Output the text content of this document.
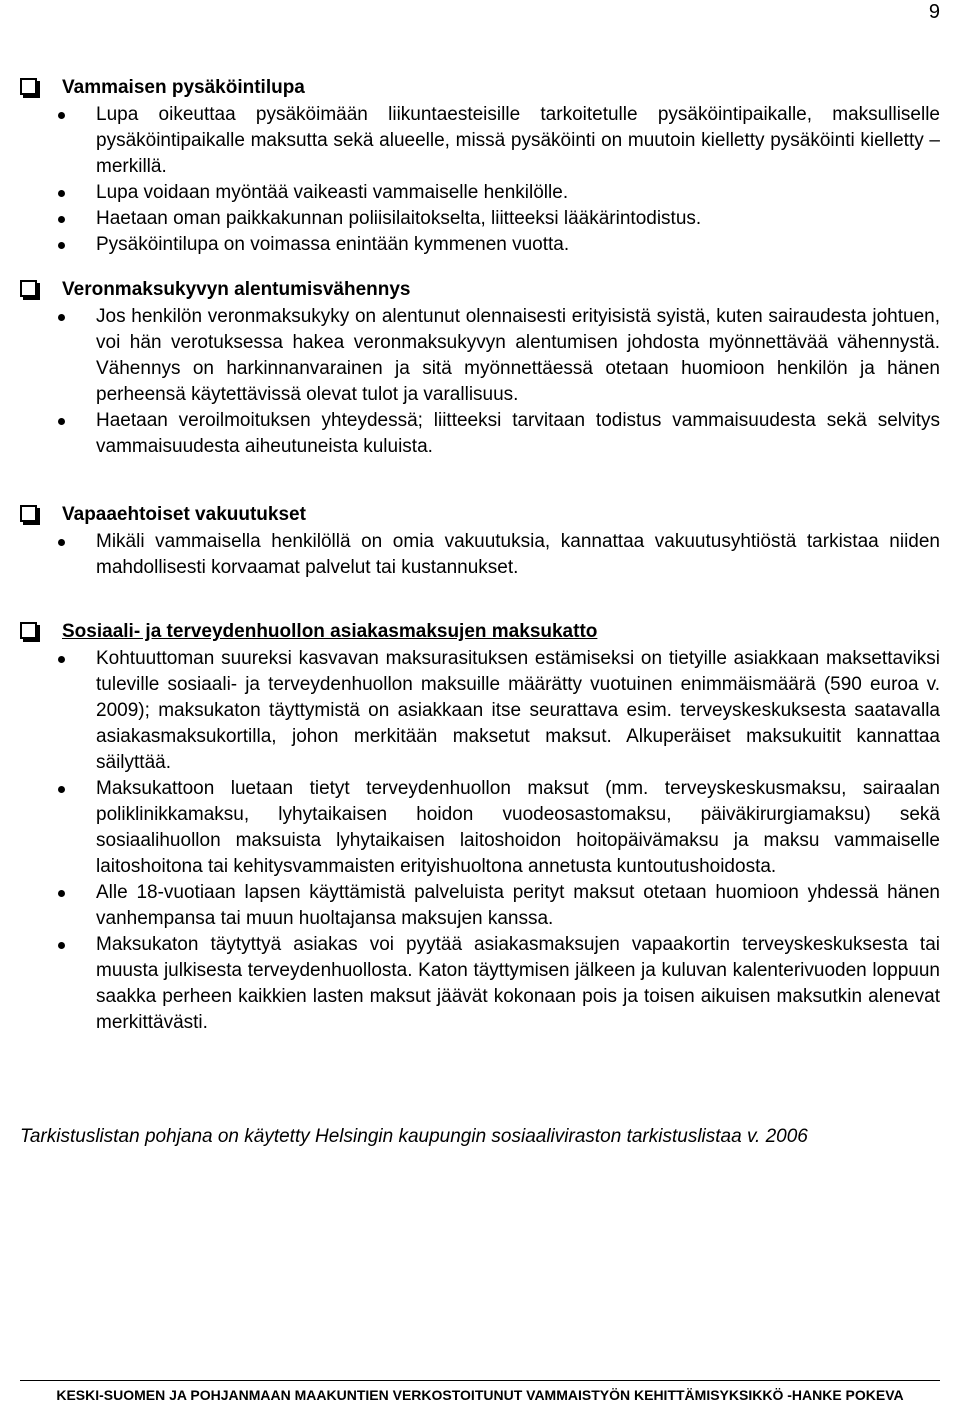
9
Vammaisen pysäköintilupa
Lupa oikeuttaa pysäköimään liikuntaesteisille tarkoitetulle pysäköintipaikalle, maksulliselle pysäköintipaikalle maksutta sekä alueelle, missä pysäköinti on muutoin kielletty pysäköinti kielletty – merkillä.
Lupa voidaan myöntää vaikeasti vammaiselle henkilölle.
Haetaan oman paikkakunnan poliisilaitokselta, liitteeksi lääkärintodistus.
Pysäköintilupa on voimassa enintään kymmenen vuotta.
Veronmaksukyvyn alentumisvähennys
Jos henkilön veronmaksukyky on alentunut olennaisesti erityisistä syistä, kuten sairaudesta johtuen, voi hän verotuksessa hakea veronmaksukyvyn alentumisen johdosta myönnettävää vähennystä. Vähennys on harkinnanvarainen ja sitä myönnettäessä otetaan huomioon henkilön ja hänen perheensä käytettävissä olevat tulot ja varallisuus.
Haetaan veroilmoituksen yhteydessä; liitteeksi tarvitaan todistus vammaisuudesta sekä selvitys vammaisuudesta aiheutuneista kuluista.
Vapaaehtoiset vakuutukset
Mikäli vammaisella henkilöllä on omia vakuutuksia, kannattaa vakuutusyhtiöstä tarkistaa niiden mahdollisesti korvaamat palvelut tai kustannukset.
Sosiaali- ja terveydenhuollon asiakasmaksujen maksukatto
Kohtuuttoman suureksi kasvavan maksurasituksen estämiseksi on tietyille asiakkaan maksettaviksi tuleville sosiaali- ja terveydenhuollon maksuille määrätty vuotuinen enimmäismäärä (590 euroa v. 2009); maksukaton täyttymistä on asiakkaan itse seurattava esim. terveyskeskuksesta saatavalla asiakasmaksukortilla, johon merkitään maksetut maksut. Alkuperäiset maksukuitit kannattaa säilyttää.
Maksukattoon luetaan tietyt terveydenhuollon maksut (mm. terveyskeskusmaksu, sairaalan poliklinikkamaksu, lyhytaikaisen hoidon vuodeosastomaksu, päiväkirurgiamaksu) sekä sosiaalihuollon maksuista lyhytaikaisen laitoshoidon hoitopäivämaksu ja maksu vammaiselle laitoshoitona tai kehitysvammaisten erityishuoltona annetusta kuntoutushoidosta.
Alle 18-vuotiaan lapsen käyttämistä palveluista perityt maksut otetaan huomioon yhdessä hänen vanhempansa tai muun huoltajansa maksujen kanssa.
Maksukaton täytyttyä asiakas voi pyytää asiakasmaksujen vapaakortin terveyskeskuksesta tai muusta julkisesta terveydenhuollosta. Katon täyttymisen jälkeen ja kuluvan kalenterivuoden loppuun saakka perheen kaikkien lasten maksut jäävät kokonaan pois ja toisen aikuisen maksutkin alenevat merkittävästi.
Tarkistuslistan pohjana on käytetty Helsingin kaupungin sosiaaliviraston tarkistuslistaa v. 2006
KESKI-SUOMEN JA POHJANMAAN MAAKUNTIEN VERKOSTOITUNUT VAMMAISTYÖN KEHITTÄMISYKSIKKÖ -HANKE POKEVA
